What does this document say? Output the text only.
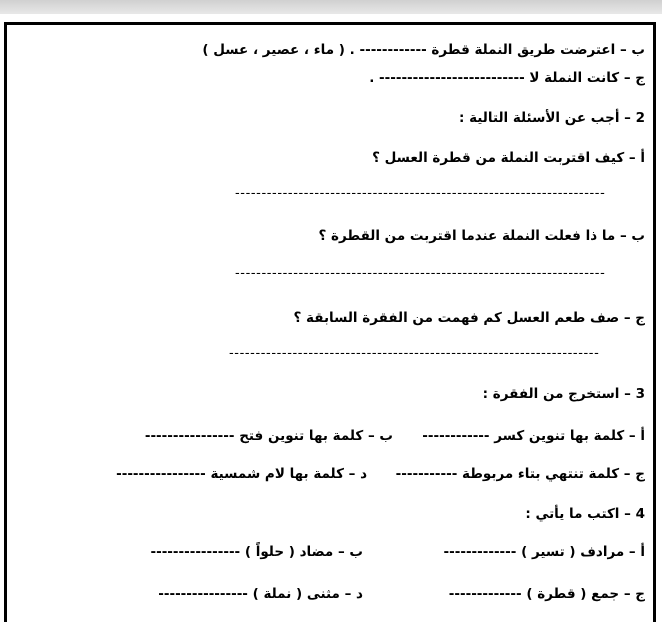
ب – اعترضت طريق النملة قطرة ------------ . ( ماء ، عصير ، عسل )
ج – كانت النملة لا -------------------------- .
2 – أجب عن الأسئلة التالية :
أ – كيف اقتربت النملة من قطرة العسل ؟
----------------------------------------------------------------------
ب – ما ذا فعلت النملة عندما اقتربت من القطرة ؟
----------------------------------------------------------------------
ج – صف طعم العسل كم فهمت من الفقرة السابقة ؟
----------------------------------------------------------------------
3 – استخرج من الفقرة :
أ – كلمة بها تنوين كسر ------------
ب – كلمة بها تنوين فتح ----------------
ج – كلمة تنتهي بتاء مربوطة -----------
د – كلمة بها لام شمسية ----------------
4 – اكتب ما يأتي :
أ – مرادف ( تسير ) -------------
ب – مضاد ( حلواً ) ----------------
ج – جمع ( قطرة ) -------------
د – مثنى ( نملة ) ----------------
